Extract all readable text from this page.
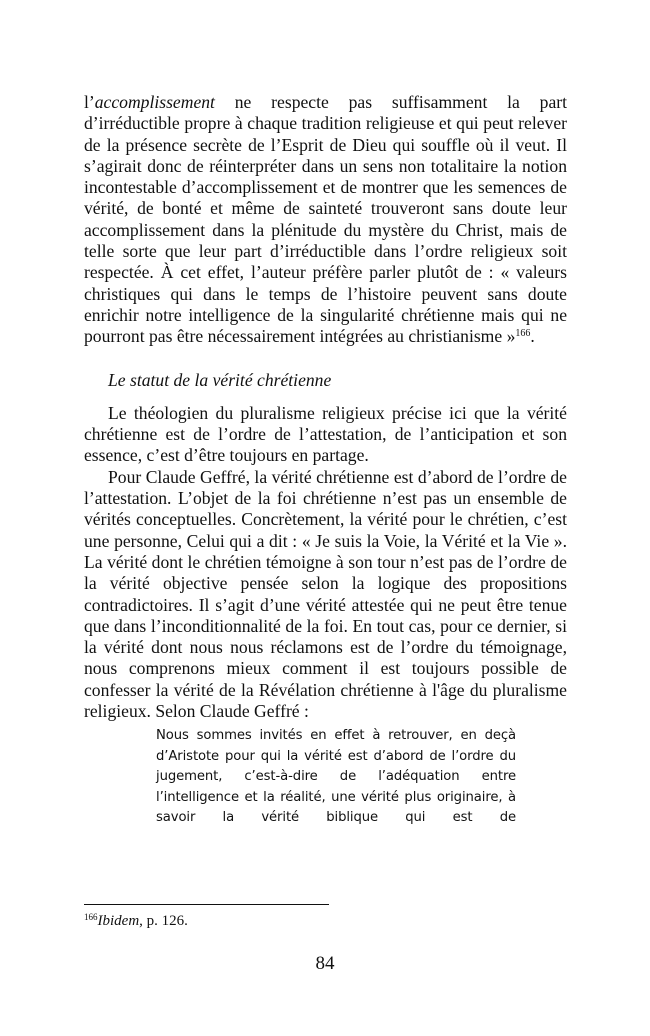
l’accomplissement ne respecte pas suffisamment la part d’irréductible propre à chaque tradition religieuse et qui peut relever de la présence secrète de l’Esprit de Dieu qui souffle où il veut. Il s’agirait donc de réinterpréter dans un sens non totalitaire la notion incontestable d’accomplissement et de montrer que les semences de vérité, de bonté et même de sainteté trouveront sans doute leur accomplissement dans la plénitude du mystère du Christ, mais de telle sorte que leur part d’irréductible dans l’ordre religieux soit respectée. À cet effet, l’auteur préfère parler plutôt de : « valeurs christiques qui dans le temps de l’histoire peuvent sans doute enrichir notre intelligence de la singularité chrétienne mais qui ne pourront pas être nécessairement intégrées au christianisme »$^{166}$.

Le statut de la vérité chrétienne

Le théologien du pluralisme religieux précise ici que la vérité chrétienne est de l’ordre de l’attestation, de l’anticipation et son essence, c’est d’être toujours en partage.

Pour Claude Geffré, la vérité chrétienne est d’abord de l’ordre de l’attestation. L’objet de la foi chrétienne n’est pas un ensemble de vérités conceptuelles. Concrètement, la vérité pour le chrétien, c’est une personne, Celui qui a dit : « Je suis la Voie, la Vérité et la Vie ». La vérité dont le chrétien témoigne à son tour n’est pas de l’ordre de la vérité objective pensée selon la logique des propositions contradictoires. Il s’agit d’une vérité attestée qui ne peut être tenue que dans l’inconditionnalité de la foi. En tout cas, pour ce dernier, si la vérité dont nous nous réclamons est de l’ordre du témoignage, nous comprenons mieux comment il est toujours possible de confesser la vérité de la Révélation chrétienne à l'âge du pluralisme religieux. Selon Claude Geffré :

Nous sommes invités en effet à retrouver, en deçà d’Aristote pour qui la vérité est d’abord de l’ordre du jugement, c’est-à-dire de l’adéquation entre l’intelligence et la réalité, une vérité plus originaire, à savoir la vérité biblique qui est de

$^{166}$Ibidem, p. 126.
84
